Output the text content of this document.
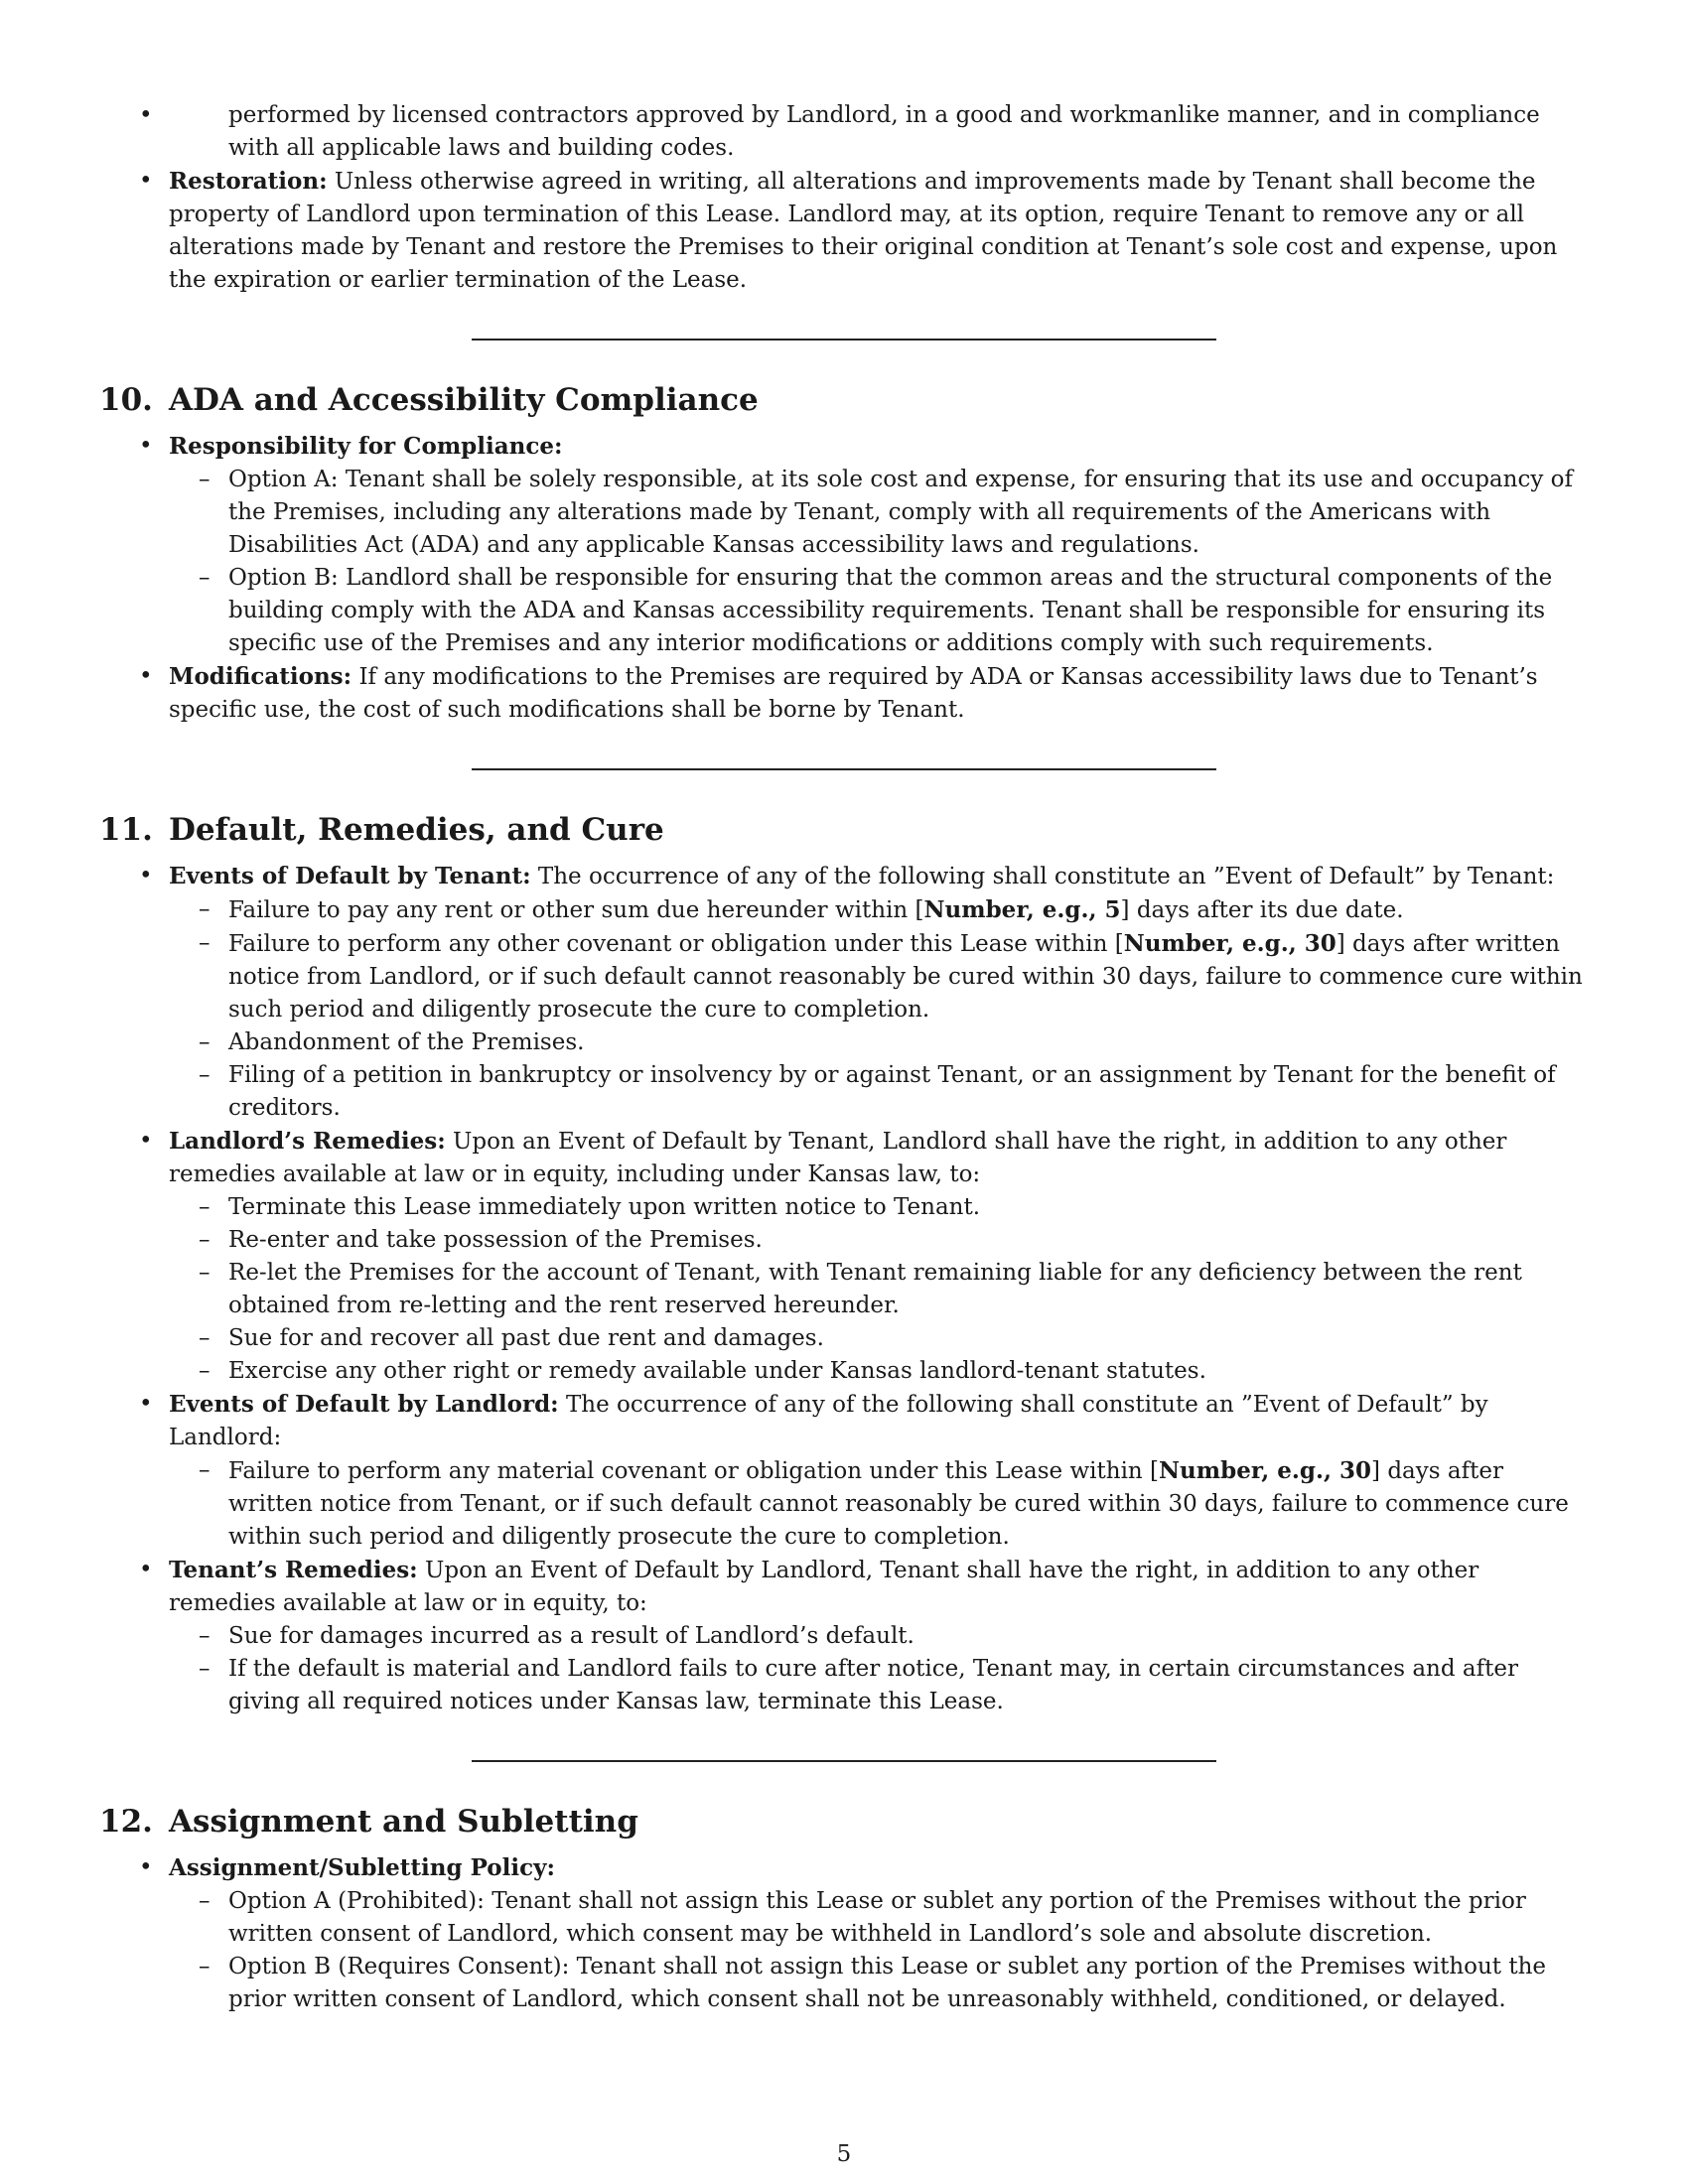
• performed by licensed contractors approved by Landlord, in a good and workmanlike manner, and in compliance with all applicable laws and building codes.
• Restoration: Unless otherwise agreed in writing, all alterations and improvements made by Tenant shall become the property of Landlord upon termination of this Lease. Landlord may, at its option, require Tenant to remove any or all alterations made by Tenant and restore the Premises to their original condition at Tenant’s sole cost and expense, upon the expiration or earlier termination of the Lease.
10. ADA and Accessibility Compliance
• Responsibility for Compliance:
– Option A: Tenant shall be solely responsible, at its sole cost and expense, for ensuring that its use and occupancy of the Premises, including any alterations made by Tenant, comply with all requirements of the Americans with Disabilities Act (ADA) and any applicable Kansas accessibility laws and regulations.
– Option B: Landlord shall be responsible for ensuring that the common areas and the structural components of the building comply with the ADA and Kansas accessibility requirements. Tenant shall be responsible for ensuring its specific use of the Premises and any interior modifications or additions comply with such requirements.
• Modifications: If any modifications to the Premises are required by ADA or Kansas accessibility laws due to Tenant’s specific use, the cost of such modifications shall be borne by Tenant.
11. Default, Remedies, and Cure
• Events of Default by Tenant: The occurrence of any of the following shall constitute an ”Event of Default” by Tenant:
– Failure to pay any rent or other sum due hereunder within [Number, e.g., 5] days after its due date.
– Failure to perform any other covenant or obligation under this Lease within [Number, e.g., 30] days after written notice from Landlord, or if such default cannot reasonably be cured within 30 days, failure to commence cure within such period and diligently prosecute the cure to completion.
– Abandonment of the Premises.
– Filing of a petition in bankruptcy or insolvency by or against Tenant, or an assignment by Tenant for the benefit of creditors.
• Landlord’s Remedies: Upon an Event of Default by Tenant, Landlord shall have the right, in addition to any other remedies available at law or in equity, including under Kansas law, to:
– Terminate this Lease immediately upon written notice to Tenant.
– Re-enter and take possession of the Premises.
– Re-let the Premises for the account of Tenant, with Tenant remaining liable for any deficiency between the rent obtained from re-letting and the rent reserved hereunder.
– Sue for and recover all past due rent and damages.
– Exercise any other right or remedy available under Kansas landlord-tenant statutes.
• Events of Default by Landlord: The occurrence of any of the following shall constitute an ”Event of Default” by Landlord:
– Failure to perform any material covenant or obligation under this Lease within [Number, e.g., 30] days after written notice from Tenant, or if such default cannot reasonably be cured within 30 days, failure to commence cure within such period and diligently prosecute the cure to completion.
• Tenant’s Remedies: Upon an Event of Default by Landlord, Tenant shall have the right, in addition to any other remedies available at law or in equity, to:
– Sue for damages incurred as a result of Landlord’s default.
– If the default is material and Landlord fails to cure after notice, Tenant may, in certain circumstances and after giving all required notices under Kansas law, terminate this Lease.
12. Assignment and Subletting
• Assignment/Subletting Policy:
– Option A (Prohibited): Tenant shall not assign this Lease or sublet any portion of the Premises without the prior written consent of Landlord, which consent may be withheld in Landlord’s sole and absolute discretion.
– Option B (Requires Consent): Tenant shall not assign this Lease or sublet any portion of the Premises without the prior written consent of Landlord, which consent shall not be unreasonably withheld, conditioned, or delayed.
5
